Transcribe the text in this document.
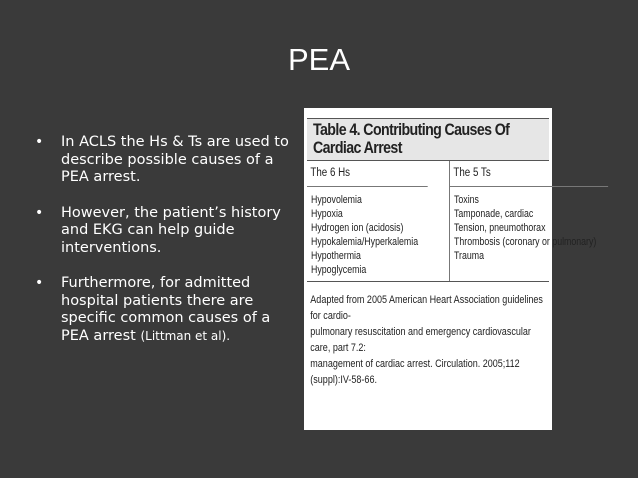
PEA
• In ACLS the Hs & Ts are used to describe possible causes of a PEA arrest.
• However, the patient’s history and EKG can help guide interventions.
• Furthermore, for admitted hospital patients there are specific common causes of a PEA arrest (Littman et al).
Table 4. Contributing Causes Of Cardiac Arrest
The 6 Hs
Hypovolemia
Hypoxia
Hydrogen ion (acidosis)
Hypokalemia/Hyperkalemia
Hypothermia
Hypoglycemia
The 5 Ts
Toxins
Tamponade, cardiac
Tension, pneumothorax
Thrombosis (coronary or pulmonary)
Trauma
Adapted from 2005 American Heart Association guidelines for cardio-
pulmonary resuscitation and emergency cardiovascular care, part 7.2:
management of cardiac arrest. Circulation. 2005;112 (suppl):IV-58-66.
